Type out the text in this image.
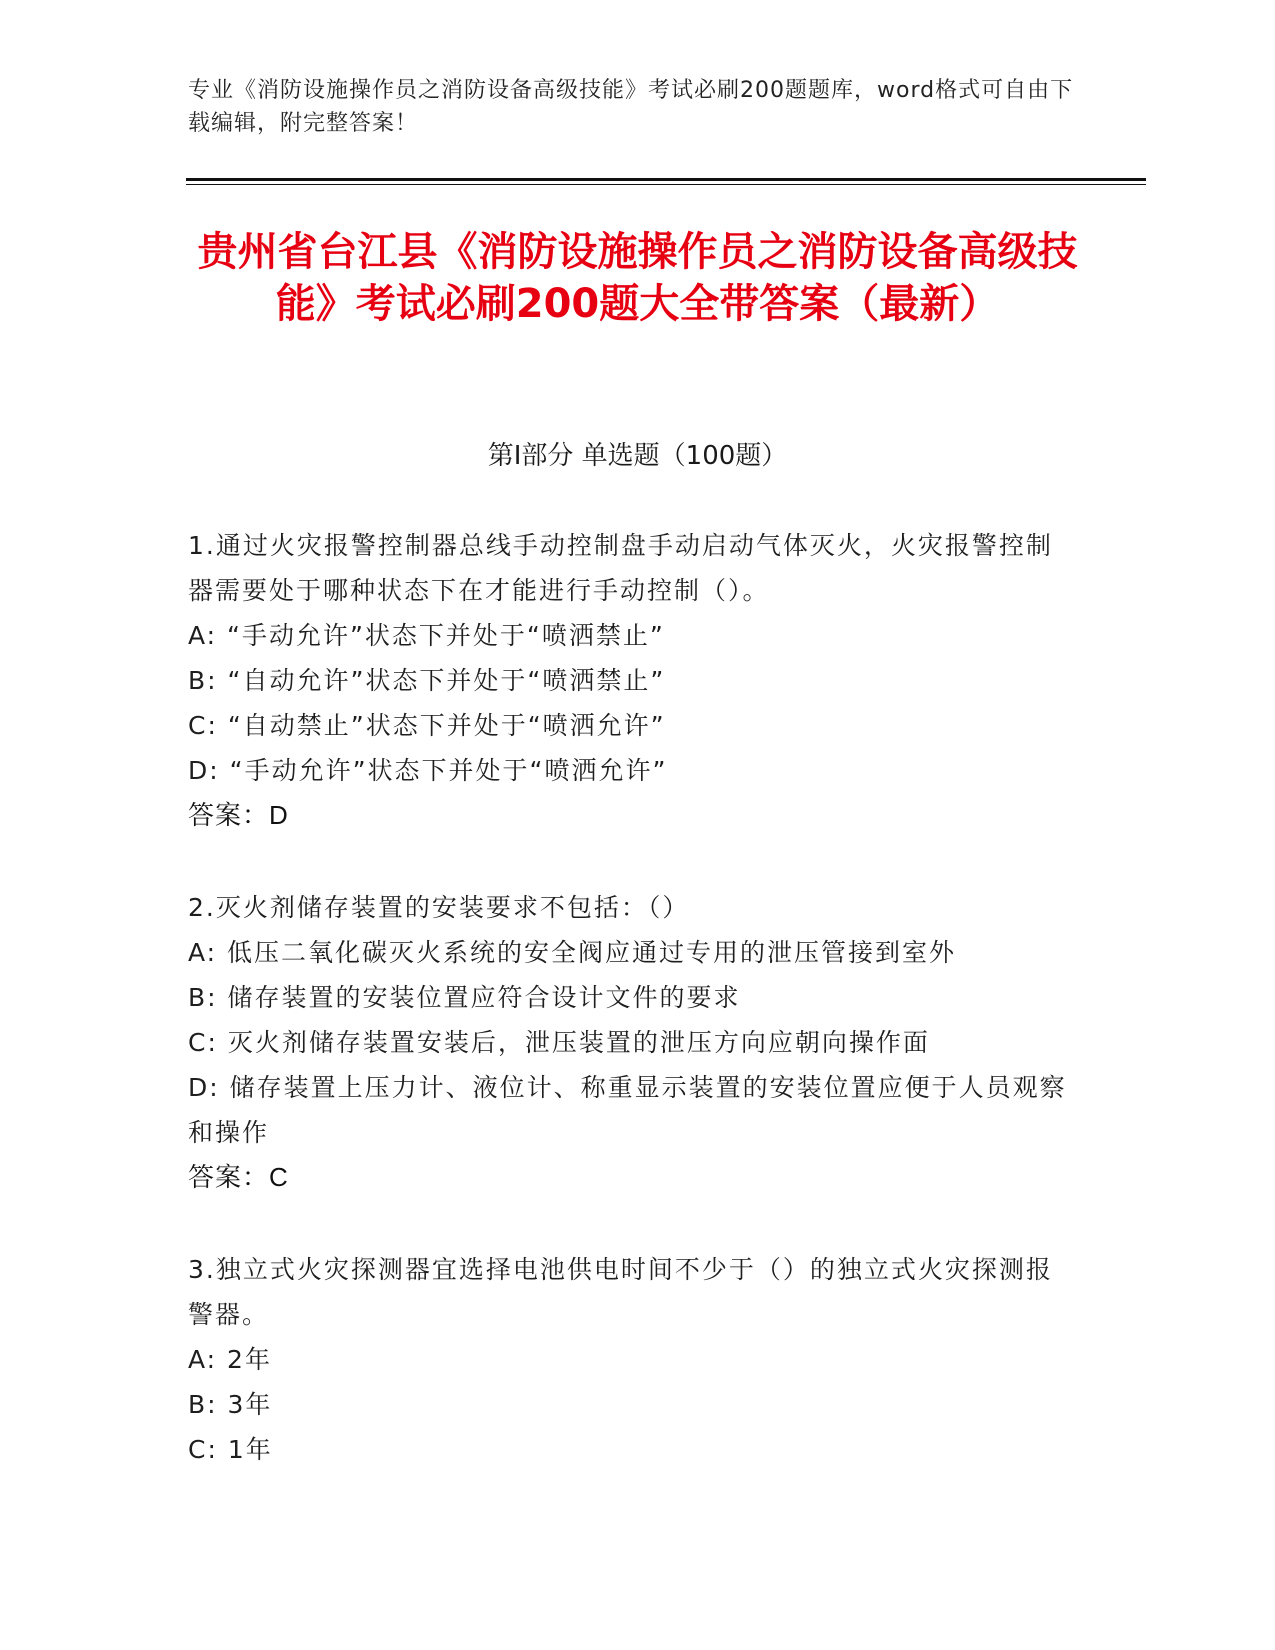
专业《消防设施操作员之消防设备高级技能》考试必刷200题题库，word格式可自由下载编辑，附完整答案！
贵州省台江县《消防设施操作员之消防设备高级技能》考试必刷200题大全带答案（最新）
第I部分 单选题（100题）
1.通过火灾报警控制器总线手动控制盘手动启动气体灭火，火灾报警控制器需要处于哪种状态下在才能进行手动控制（）。
A: “手动允许”状态下并处于“喷洒禁止”
B: “自动允许”状态下并处于“喷洒禁止”
C: “自动禁止”状态下并处于“喷洒允许”
D: “手动允许”状态下并处于“喷洒允许”
答案：D
2.灭火剂储存装置的安装要求不包括：（）
A: 低压二氧化碳灭火系统的安全阀应通过专用的泄压管接到室外
B: 储存装置的安装位置应符合设计文件的要求
C: 灭火剂储存装置安装后，泄压装置的泄压方向应朝向操作面
D: 储存装置上压力计、液位计、称重显示装置的安装位置应便于人员观察和操作
答案：C
3.独立式火灾探测器宜选择电池供电时间不少于（）的独立式火灾探测报警器。
A: 2年
B: 3年
C: 1年
